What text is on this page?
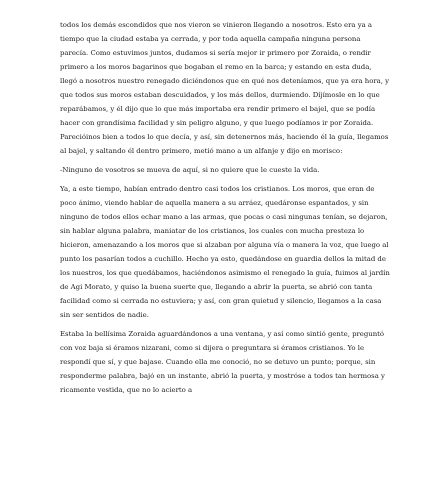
todos los demás escondidos que nos vieron se vinieron llegando a nosotros. Esto era ya a tiempo que la ciudad estaba ya cerrada, y por toda aquella campaña ninguna persona parecía. Como estuvimos juntos, dudamos si sería mejor ir primero por Zoraida, o rendir primero a los moros bagarinos que bogaban el remo en la barca; y estando en esta duda, llegó a nosotros nuestro renegado diciéndonos que en qué nos deteníamos, que ya era hora, y que todos sus moros estaban descuidados, y los más dellos, durmiendo. Díjímosle en lo que reparábamos, y él dijo que lo que más importaba era rendir primero el bajel, que se podía hacer con grandísima facilidad y sin peligro alguno, y que luego podíamos ir por Zoraida. Parecióinos bien a todos lo que decía, y así, sin detenernos más, haciendo él la guía, llegamos al bajel, y saltando él dentro primero, metió mano a un alfanje y dijo en morisco:

-Ninguno de vosotros se mueva de aquí, si no quiere que le cueste la vida.

Ya, a este tiempo, habían entrado dentro casi todos los cristianos. Los moros, que eran de poco ánimo, viendo hablar de aquella manera a su arráez, quedáronse espantados, y sin ninguno de todos ellos echar mano a las armas, que pocas o casi ningunas tenían, se dejaron, sin hablar alguna palabra, maniatar de los cristianos, los cuales con mucha presteza lo hicieron, amenazando a los moros que si alzaban por alguna vía o manera la voz, que luego al punto los pasarían todos a cuchillo. Hecho ya esto, quedándose en guardia dellos la mitad de los nuestros, los que quedábamos, haciéndonos asimismo el renegado la guía, fuimos al jardín de Agi Morato, y quiso la buena suerte que, llegando a abrir la puerta, se abrió con tanta facilidad como si cerrada no estuviera; y así, con gran quietud y silencio, llegamos a la casa sin ser sentidos de nadie.

Estaba la bellísima Zoraida aguardándonos a una ventana, y así como sintió gente, preguntó con voz baja si éramos nizarani, como si dijera o preguntara si éramos cristianos. Yo le respondí que sí, y que bajase. Cuando ella me conoció, no se detuvo un punto; porque, sin responderme palabra, bajó en un instante, abrió la puerta, y mostróse a todos tan hermosa y ricamente vestida, que no lo acierto a
